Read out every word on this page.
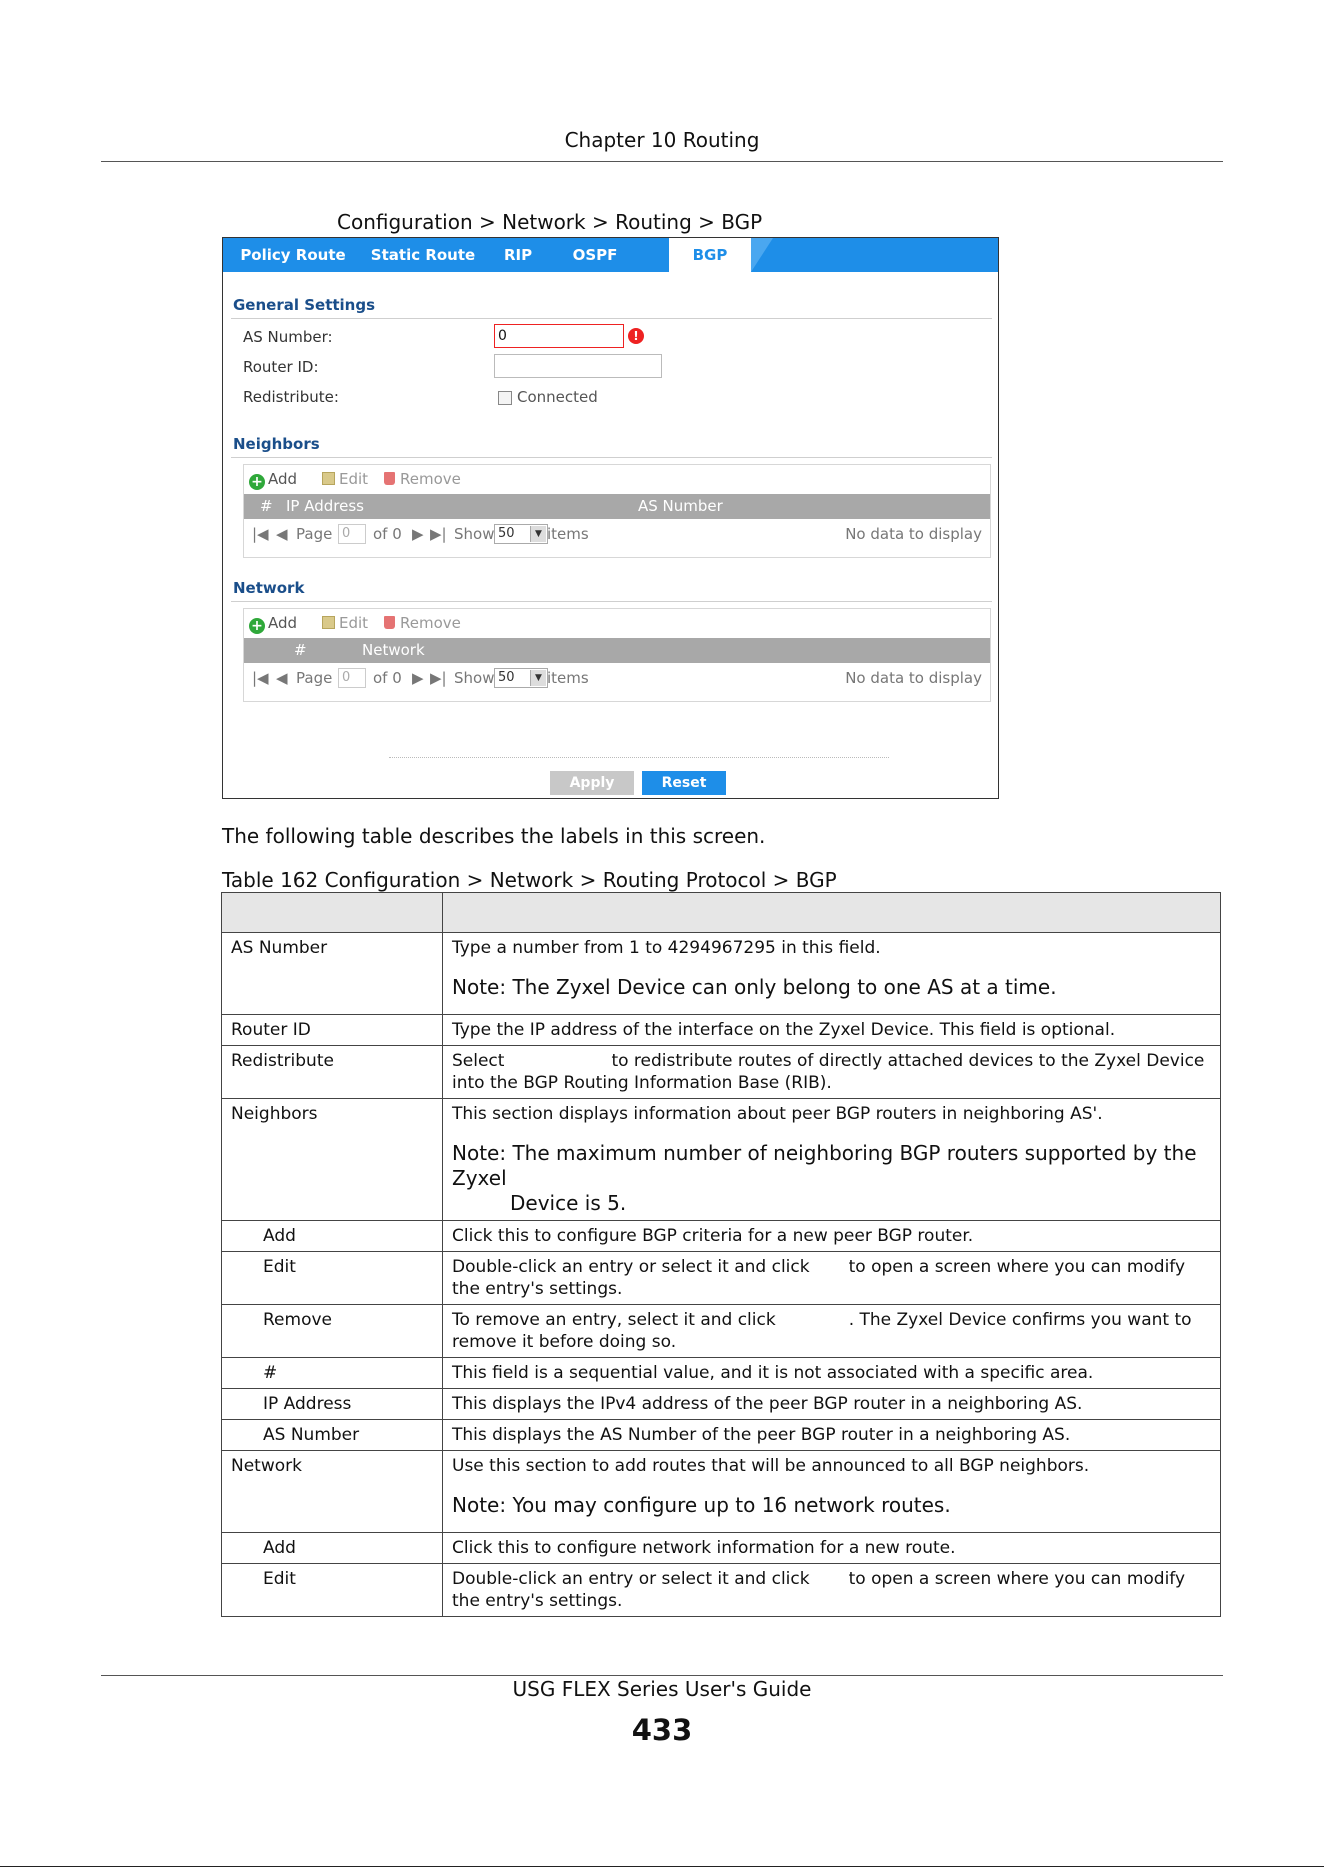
Chapter 10 Routing
Configuration > Network > Routing > BGP
Policy Route	Static Route	RIP	OSPF	BGP
General Settings
AS Number:	0	!
Router ID:
Redistribute:	Connected
Neighbors
+ Add	Edit	Remove
# IP Address	AS Number
|◀ ◀ Page 0	of 0 ▶ ▶| Show 50	▼ items	No data to display
Network
+ Add	Edit	Remove
#	Network
|◀ ◀ Page 0	of 0 ▶ ▶| Show 50	▼ items	No data to display
Apply	Reset
The following table describes the labels in this screen.
Table 162 Configuration > Network > Routing Protocol > BGP

AS Number	Type a number from 1 to 4294967295 in this field.
Note: The Zyxel Device can only belong to one AS at a time.

Router ID	Type the IP address of the interface on the Zyxel Device. This field is optional.
Redistribute	Select to redistribute routes of directly attached devices to the Zyxel Device
into the BGP Routing Information Base (RIB).

Neighbors	This section displays information about peer BGP routers in neighboring AS'.
Note: The maximum number of neighboring BGP routers supported by the Zyxel
Device is 5.

Add	Click this to configure BGP criteria for a new peer BGP router.
Edit	Double-click an entry or select it and click to open a screen where you can modify
the entry's settings.

Remove	To remove an entry, select it and click . The Zyxel Device confirms you want to
remove it before doing so.

#	This field is a sequential value, and it is not associated with a specific area.
IP Address	This displays the IPv4 address of the peer BGP router in a neighboring AS.
AS Number	This displays the AS Number of the peer BGP router in a neighboring AS.
Network	Use this section to add routes that will be announced to all BGP neighbors.
Note: You may configure up to 16 network routes.

Add	Click this to configure network information for a new route.
Edit	Double-click an entry or select it and click to open a screen where you can modify
the entry's settings.
USG FLEX Series User's Guide
433
